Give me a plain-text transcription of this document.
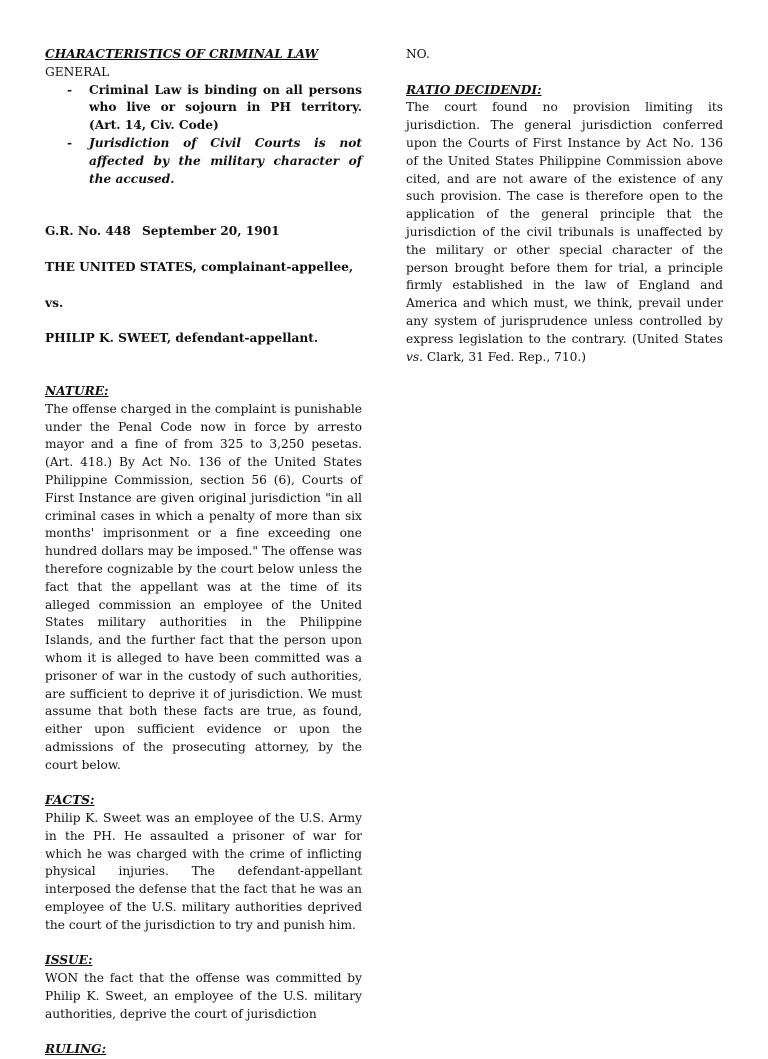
CHARACTERISTICS OF CRIMINAL LAW

GENERAL

- Criminal Law is binding on all persons who live or sojourn in PH territory. (Art. 14, Civ. Code)
- Jurisdiction of Civil Courts is not affected by the military character of the accused.
G.R. No. 448 September 20, 1901

THE UNITED STATES, complainant-appellee,

vs.

PHILIP K. SWEET, defendant-appellant.

NATURE:

The offense charged in the complaint is punishable under the Penal Code now in force by arresto mayor and a fine of from 325 to 3,250 pesetas. (Art. 418.) By Act No. 136 of the United States Philippine Commission, section 56 (6), Courts of First Instance are given original jurisdiction "in all criminal cases in which a penalty of more than six months' imprisonment or a fine exceeding one hundred dollars may be imposed." The offense was therefore cognizable by the court below unless the fact that the appellant was at the time of its alleged commission an employee of the United States military authorities in the Philippine Islands, and the further fact that the person upon whom it is alleged to have been committed was a prisoner of war in the custody of such authorities, are sufficient to deprive it of jurisdiction. We must assume that both these facts are true, as found, either upon sufficient evidence or upon the admissions of the prosecuting attorney, by the court below.

FACTS:

Philip K. Sweet was an employee of the U.S. Army in the PH. He assaulted a prisoner of war for which he was charged with the crime of inflicting physical injuries. The defendant-appellant interposed the defense that the fact that he was an employee of the U.S. military authorities deprived the court of the jurisdiction to try and punish him.

ISSUE:

WON the fact that the offense was committed by Philip K. Sweet, an employee of the U.S. military authorities, deprive the court of jurisdiction

RULING:

NO.

RATIO DECIDENDI:

The court found no provision limiting its jurisdiction. The general jurisdiction conferred upon the Courts of First Instance by Act No. 136 of the United States Philippine Commission above cited, and are not aware of the existence of any such provision. The case is therefore open to the application of the general principle that the jurisdiction of the civil tribunals is unaffected by the military or other special character of the person brought before them for trial, a principle firmly established in the law of England and America and which must, we think, prevail under any system of jurisprudence unless controlled by express legislation to the contrary. (United States vs. Clark, 31 Fed. Rep., 710.)
